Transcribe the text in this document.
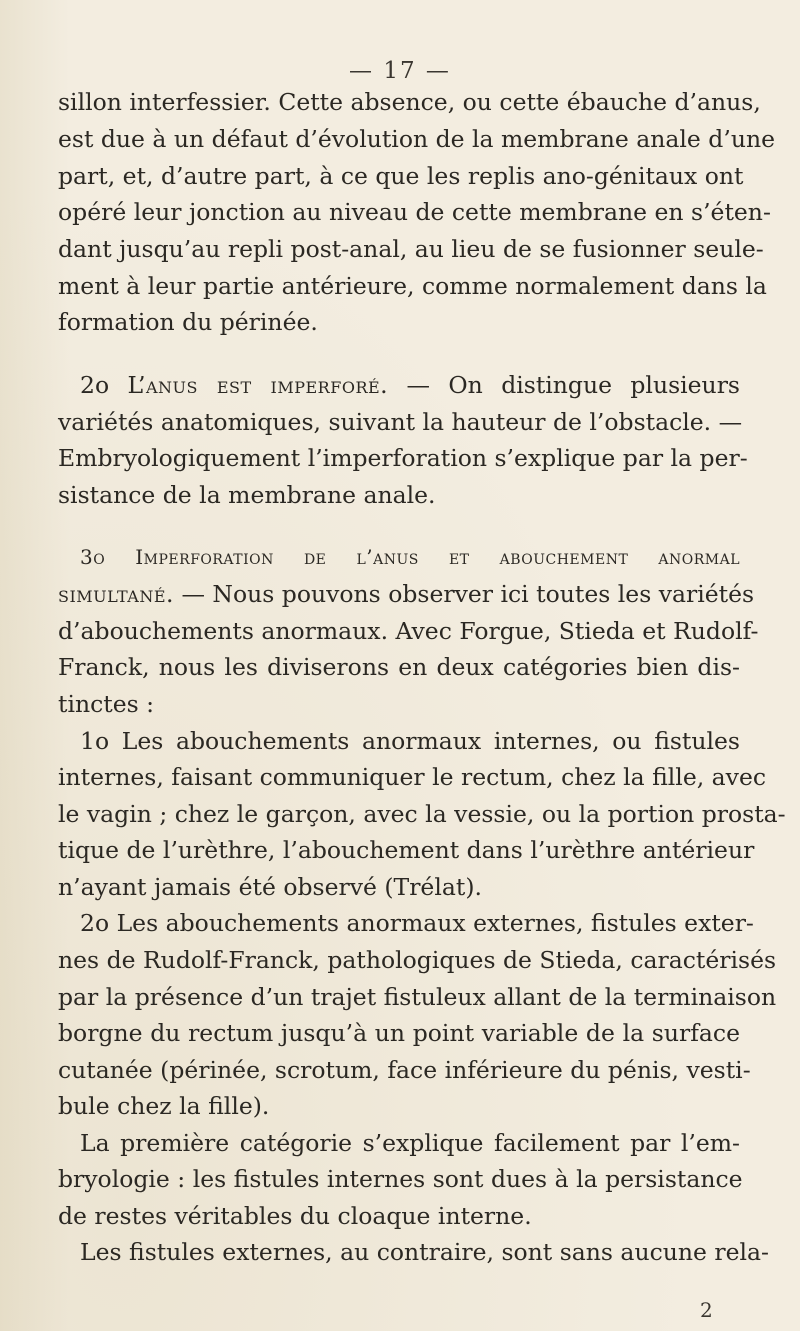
— 17 —
sillon interfessier. Cette absence, ou cette ébauche d’anus,
est due à un défaut d’évolution de la membrane anale d’une
part, et, d’autre part, à ce que les replis ano-génitaux ont
opéré leur jonction au niveau de cette membrane en s’éten-
dant jusqu’au repli post-anal, au lieu de se fusionner seule-
ment à leur partie antérieure, comme normalement dans la
formation du périnée.
2o L’anus est imperforé. — On distingue plusieurs
variétés anatomiques, suivant la hauteur de l’obstacle. —
Embryologiquement l’imperforation s’explique par la per-
sistance de la membrane anale.
3o Imperforation de l’anus et abouchement anormal
simultané. — Nous pouvons observer ici toutes les variétés
d’abouchements anormaux. Avec Forgue, Stieda et Rudolf-
Franck, nous les diviserons en deux catégories bien dis-
tinctes :
1o Les abouchements anormaux internes, ou fistules
internes, faisant communiquer le rectum, chez la fille, avec
le vagin ; chez le garçon, avec la vessie, ou la portion prosta-
tique de l’urèthre, l’abouchement dans l’urèthre antérieur
n’ayant jamais été observé (Trélat).
2o Les abouchements anormaux externes, fistules exter-
nes de Rudolf-Franck, pathologiques de Stieda, caractérisés
par la présence d’un trajet fistuleux allant de la terminaison
borgne du rectum jusqu’à un point variable de la surface
cutanée (périnée, scrotum, face inférieure du pénis, vesti-
bule chez la fille).
La première catégorie s’explique facilement par l’em-
bryologie : les fistules internes sont dues à la persistance
de restes véritables du cloaque interne.
Les fistules externes, au contraire, sont sans aucune rela-
2
